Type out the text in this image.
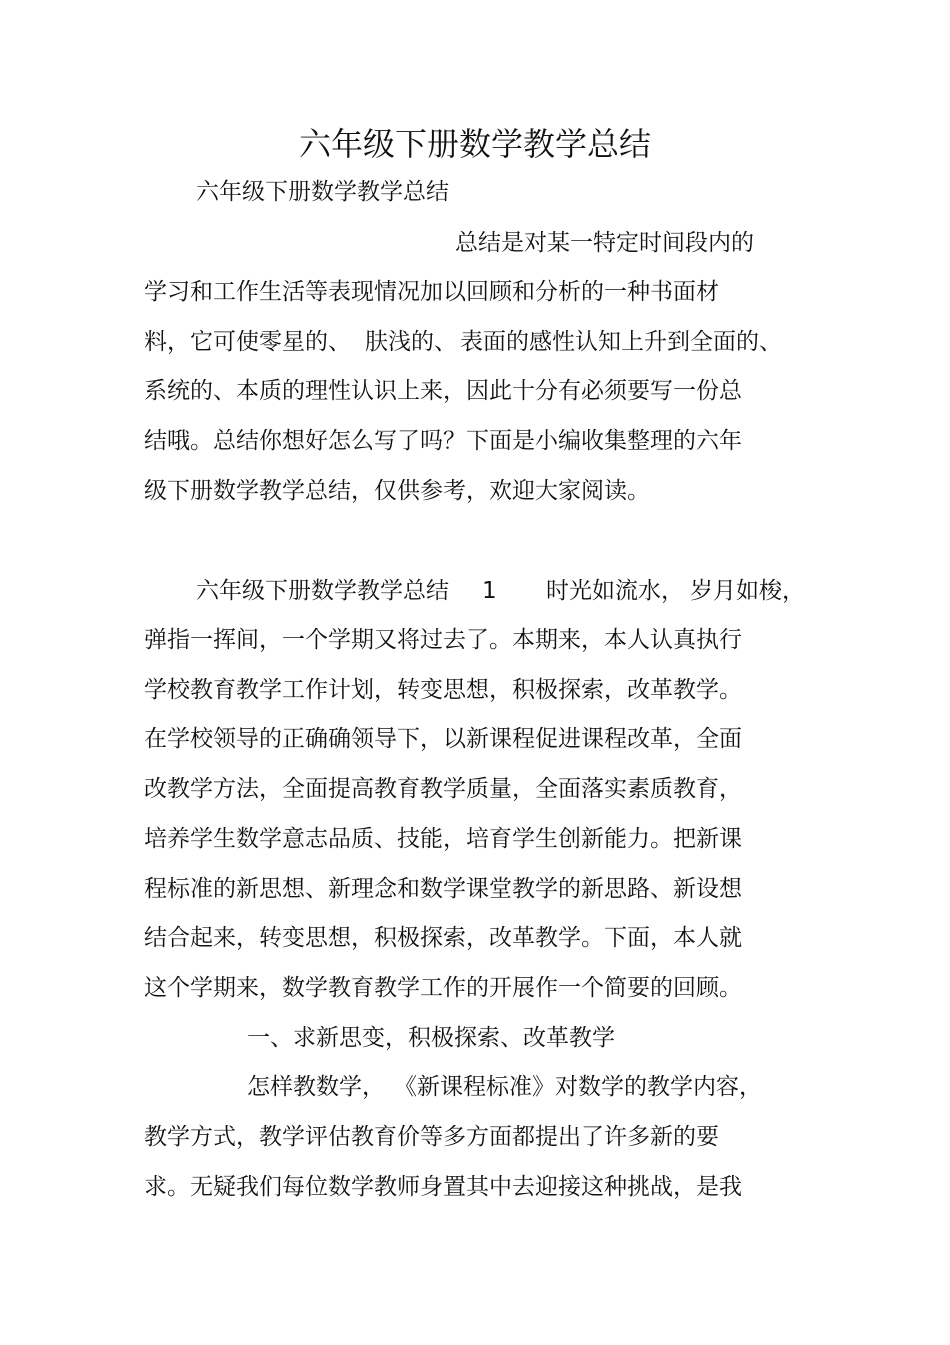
六年级下册数学教学总结
六年级下册数学教学总结
总结是对某一特定时间段内的
学习和工作生活等表现情况加以回顾和分析的一种书面材
料，它可使零星的、 肤浅的、 表面的感性认知上升到全面的、
系统的、本质的理性认识上来，因此十分有必须要写一份总
结哦。总结你想好怎么写了吗？下面是小编收集整理的六年
级下册数学教学总结，仅供参考，欢迎大家阅读。
六年级下册数学教学总结 1 时光如流水， 岁月如梭，
弹指一挥间，一个学期又将过去了。本期来，本人认真执行
学校教育教学工作计划，转变思想，积极探索，改革教学。
在学校领导的正确确领导下，以新课程促进课程改革，全面
改教学方法，全面提高教育教学质量，全面落实素质教育，
培养学生数学意志品质、技能，培育学生创新能力。把新课
程标准的新思想、新理念和数学课堂教学的新思路、新设想
结合起来，转变思想，积极探索，改革教学。下面，本人就
这个学期来，数学教育教学工作的开展作一个简要的回顾。
一、求新思变，积极探索、改革教学
怎样教数学， 《新课程标准》对数学的教学内容，
教学方式，教学评估教育价等多方面都提出了许多新的要
求。无疑我们每位数学教师身置其中去迎接这种挑战，是我
